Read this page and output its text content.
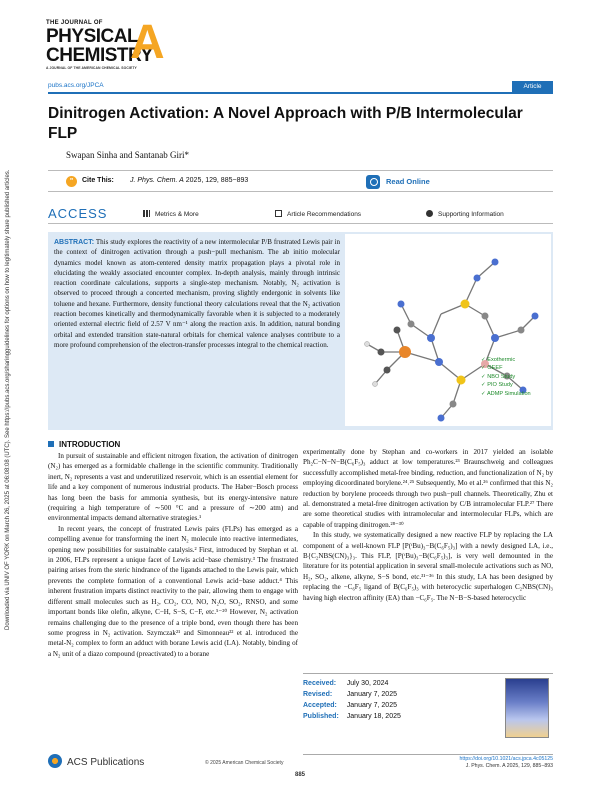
THE JOURNAL OF
PHYSICAL
CHEMISTRY
A JOURNAL OF THE AMERICAN CHEMICAL SOCIETY
A
pubs.acs.org/JPCA	Article
Dinitrogen Activation: A Novel Approach with P/B Intermolecular FLP
Swapan Sinha and Santanab Giri*
"	Cite This: J. Phys. Chem. A 2025, 129, 885−893	Read Online
ACCESS	Metrics & More	Article Recommendations	Supporting Information
ABSTRACT: This study explores the reactivity of a new intermolecular P/B frustrated Lewis pair in the context of dinitrogen activation through a push−pull mechanism. The ab initio molecular dynamics model known as atom-centered density matrix propagation plays a pivotal role in elucidating the weakly associated encounter complex. In-depth analysis, mainly through intrinsic reaction coordinate calculations, supports a single-step mechanism. Notably, N₂ activation is observed to proceed through a concerted mechanism, proving slightly endergonic in solvents like toluene and hexane. Furthermore, density functional theory calculations reveal that the N₂ activation reaction becomes kinetically and thermodynamically favorable when it is subjected to a moderately oriented external electric field of 2.57 V nm⁻¹ along the reaction axis. In addition, natural bonding orbital and extended transition state-natural orbitals for chemical valence analyses contribute to a more profound comprehension of the electron-transfer processes integral to the chemical reaction.
✓ Exothermic
✓ OEEF
✓ NBO Study
✓ PIO Study
✓ ADMP Simulation
Downloaded via UNIV OF YORK on March 26, 2025 at 06:08:08 (UTC). See https://pubs.acs.org/sharingguidelines for options on how to legitimately share published articles.	INTRODUCTION

In pursuit of sustainable and efficient nitrogen fixation, the activation of dinitrogen (N₂) has emerged as a formidable challenge in the scientific community. Traditionally inert, N₂ represents a vast and underutilized reservoir, which is an essential element for life and a key component of numerous industrial products. The Haber−Bosch process has long been the basis for ammonia synthesis, but its energy-intensive nature (requiring a high temperature of ∼500 °C and a pressure of ∼200 atm) and environmental impacts demand alternative strategies.¹

In recent years, the concept of frustrated Lewis pairs (FLPs) has emerged as a compelling avenue for transforming the inert N₂ molecule into reactive intermediates, opening new possibilities for sustainable catalysis.² First, introduced by Stephan et al. in 2006, FLPs represent a unique facet of Lewis acid−base chemistry.³ The frustrated pairing arises from the steric hindrance of the ligands attached to the Lewis pair, which prevents the complete formation of a conventional Lewis acid−base adduct.⁴ This inherent frustration imparts distinct reactivity to the pair, allowing them to engage with different small molecules such as H₂, CO₂, CO, NO, N₂O, SO₂, RNSO, and some important bonds like olefin, alkyne, C−H, S−S, C−F, etc.⁵⁻²⁰ However, N₂ activation remains challenging due to the presence of a triple bond, even though there has been some progress in N₂ activation. Szymczak²¹ and Simonneau²² et al. introduced the metal-N₂ complex to form an adduct with borane Lewis acid (LA). Notably, binding of a N₂ unit of a diazo compound (preactivated) to a borane

experimentally done by Stephan and co-workers in 2017 yielded an isolable Ph₂C−N−N−B(C₆F₅)₃ adduct at low temperatures.²³ Braunschweig and colleagues successfully accomplished metal-free binding, reduction, and functionalization of N₂ by employing dicoordinated borylene.²⁴˒²⁵ Subsequently, Mo et al.²⁶ confirmed that this N₂ reduction by borylene proceeds through two push−pull channels. Theoretically, Zhu et al. demonstrated a metal-free dinitrogen activation by C/B intramolecular FLP.²⁷ There are some theoretical studies with intramolecular and intermolecular FLPs, which are capable of trapping dinitrogen.²⁸⁻³⁰

In this study, we systematically designed a new reactive FLP by replacing the LA component of a well-known FLP [P(ᵗBu)₃−B(C₆F₅)₃] with a newly designed LA, i.e., B{C₂NBS(CN)₃}₃. This FLP, [P(ᵗBu)₃−B(C₆F₅)₃], is very well demounted in the literature for its potential application in several small-molecule activations such as NO, H₂, SO₂, alkene, alkyne, S−S bond, etc.³¹⁻³⁶ In this study, LA has been designed by replacing the −C₆F₅ ligand of B(C₆F₅)₃ with heterocyclic superhalogen C₂NBS(CN)₃ having high electron affinity (EA) than −C₆F₅. The N−B−S-based heterocyclic

Received:	July 30, 2024
Revised:	January 7, 2025
Accepted:	January 7, 2025
Published:	January 18, 2025
ACS Publications	© 2025 American Chemical Society
885
https://doi.org/10.1021/acs.jpca.4c05125
J. Phys. Chem. A 2025, 129, 885−893
